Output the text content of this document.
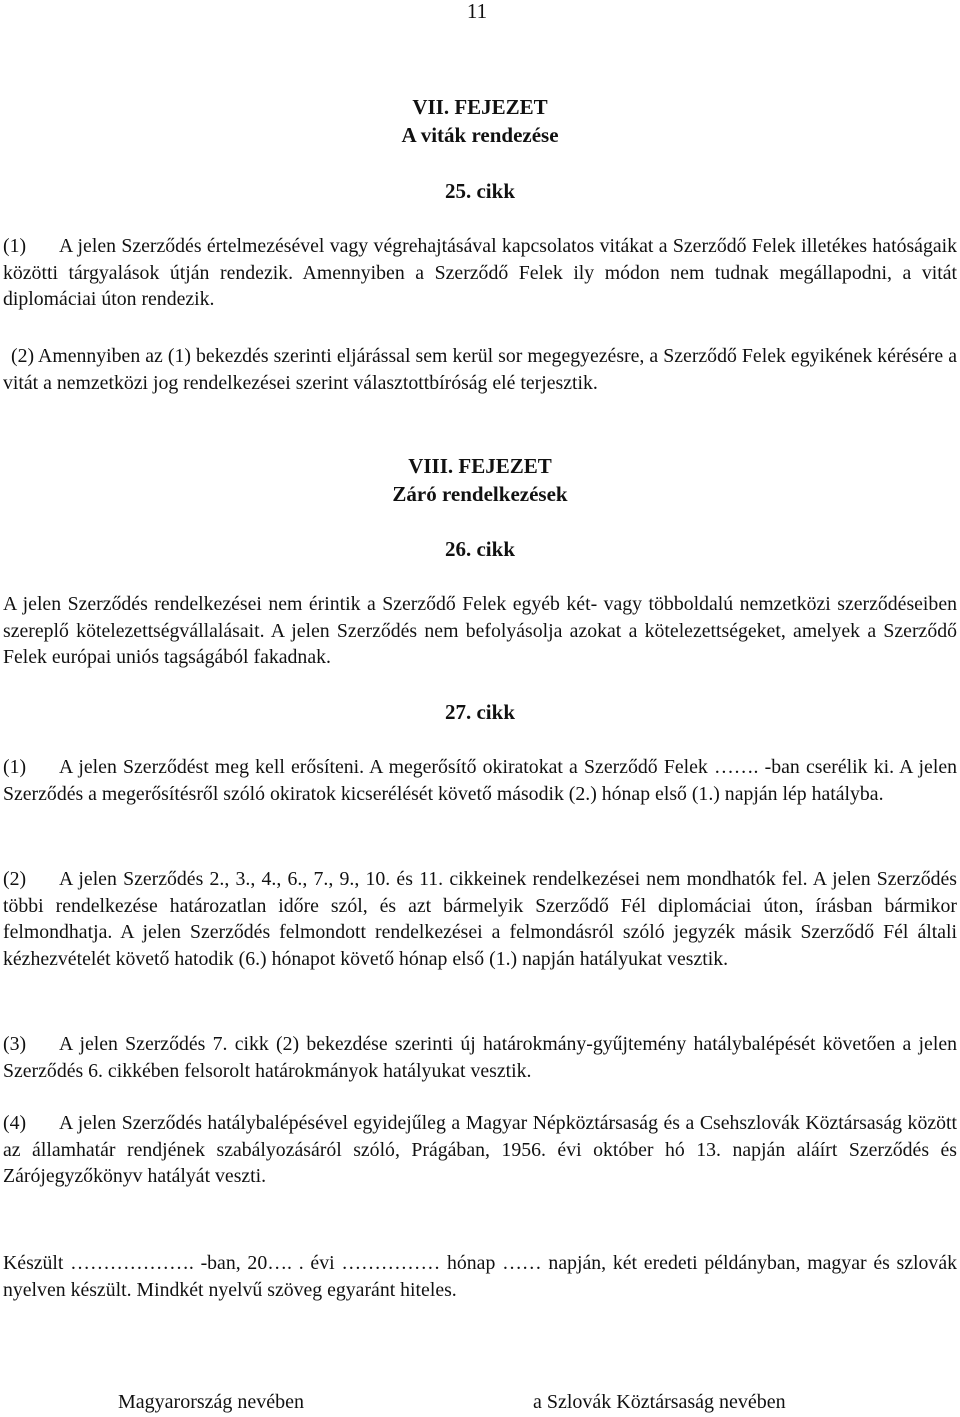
11
VII. FEJEZET
A viták rendezése
25. cikk

(1) A jelen Szerződés értelmezésével vagy végrehajtásával kapcsolatos vitákat a Szerződő Felek illetékes hatóságaik közötti tárgyalások útján rendezik. Amennyiben a Szerződő Felek ily módon nem tudnak megállapodni, a vitát diplomáciai úton rendezik.

(2) Amennyiben az (1) bekezdés szerinti eljárással sem kerül sor megegyezésre, a Szerződő Felek egyikének kérésére a vitát a nemzetközi jog rendelkezései szerint választottbíróság elé terjesztik.

VIII. FEJEZET
Záró rendelkezések
26. cikk

A jelen Szerződés rendelkezései nem érintik a Szerződő Felek egyéb két- vagy többoldalú nemzetközi szerződéseiben szereplő kötelezettségvállalásait. A jelen Szerződés nem befolyásolja azokat a kötelezettségeket, amelyek a Szerződő Felek európai uniós tagságából fakadnak.

27. cikk

(1) A jelen Szerződést meg kell erősíteni. A megerősítő okiratokat a Szerződő Felek ……. -ban cserélik ki. A jelen Szerződés a megerősítésről szóló okiratok kicserélését követő második (2.) hónap első (1.) napján lép hatályba.

(2) A jelen Szerződés 2., 3., 4., 6., 7., 9., 10. és 11. cikkeinek rendelkezései nem mondhatók fel. A jelen Szerződés többi rendelkezése határozatlan időre szól, és azt bármelyik Szerződő Fél diplomáciai úton, írásban bármikor felmondhatja. A jelen Szerződés felmondott rendelkezései a felmondásról szóló jegyzék másik Szerződő Fél általi kézhezvételét követő hatodik (6.) hónapot követő hónap első (1.) napján hatályukat vesztik.

(3) A jelen Szerződés 7. cikk (2) bekezdése szerinti új határokmány-gyűjtemény hatálybalépését követően a jelen Szerződés 6. cikkében felsorolt határokmányok hatályukat vesztik.

(4) A jelen Szerződés hatálybalépésével egyidejűleg a Magyar Népköztársaság és a Csehszlovák Köztársaság között az államhatár rendjének szabályozásáról szóló, Prágában, 1956. évi október hó 13. napján aláírt Szerződés és Zárójegyzőkönyv hatályát veszti.

Készült ………………. -ban, 20…. . évi …………… hónap …… napján, két eredeti példányban, magyar és szlovák nyelven készült. Mindkét nyelvű szöveg egyaránt hiteles.

Magyarország nevében	a Szlovák Köztársaság nevében
